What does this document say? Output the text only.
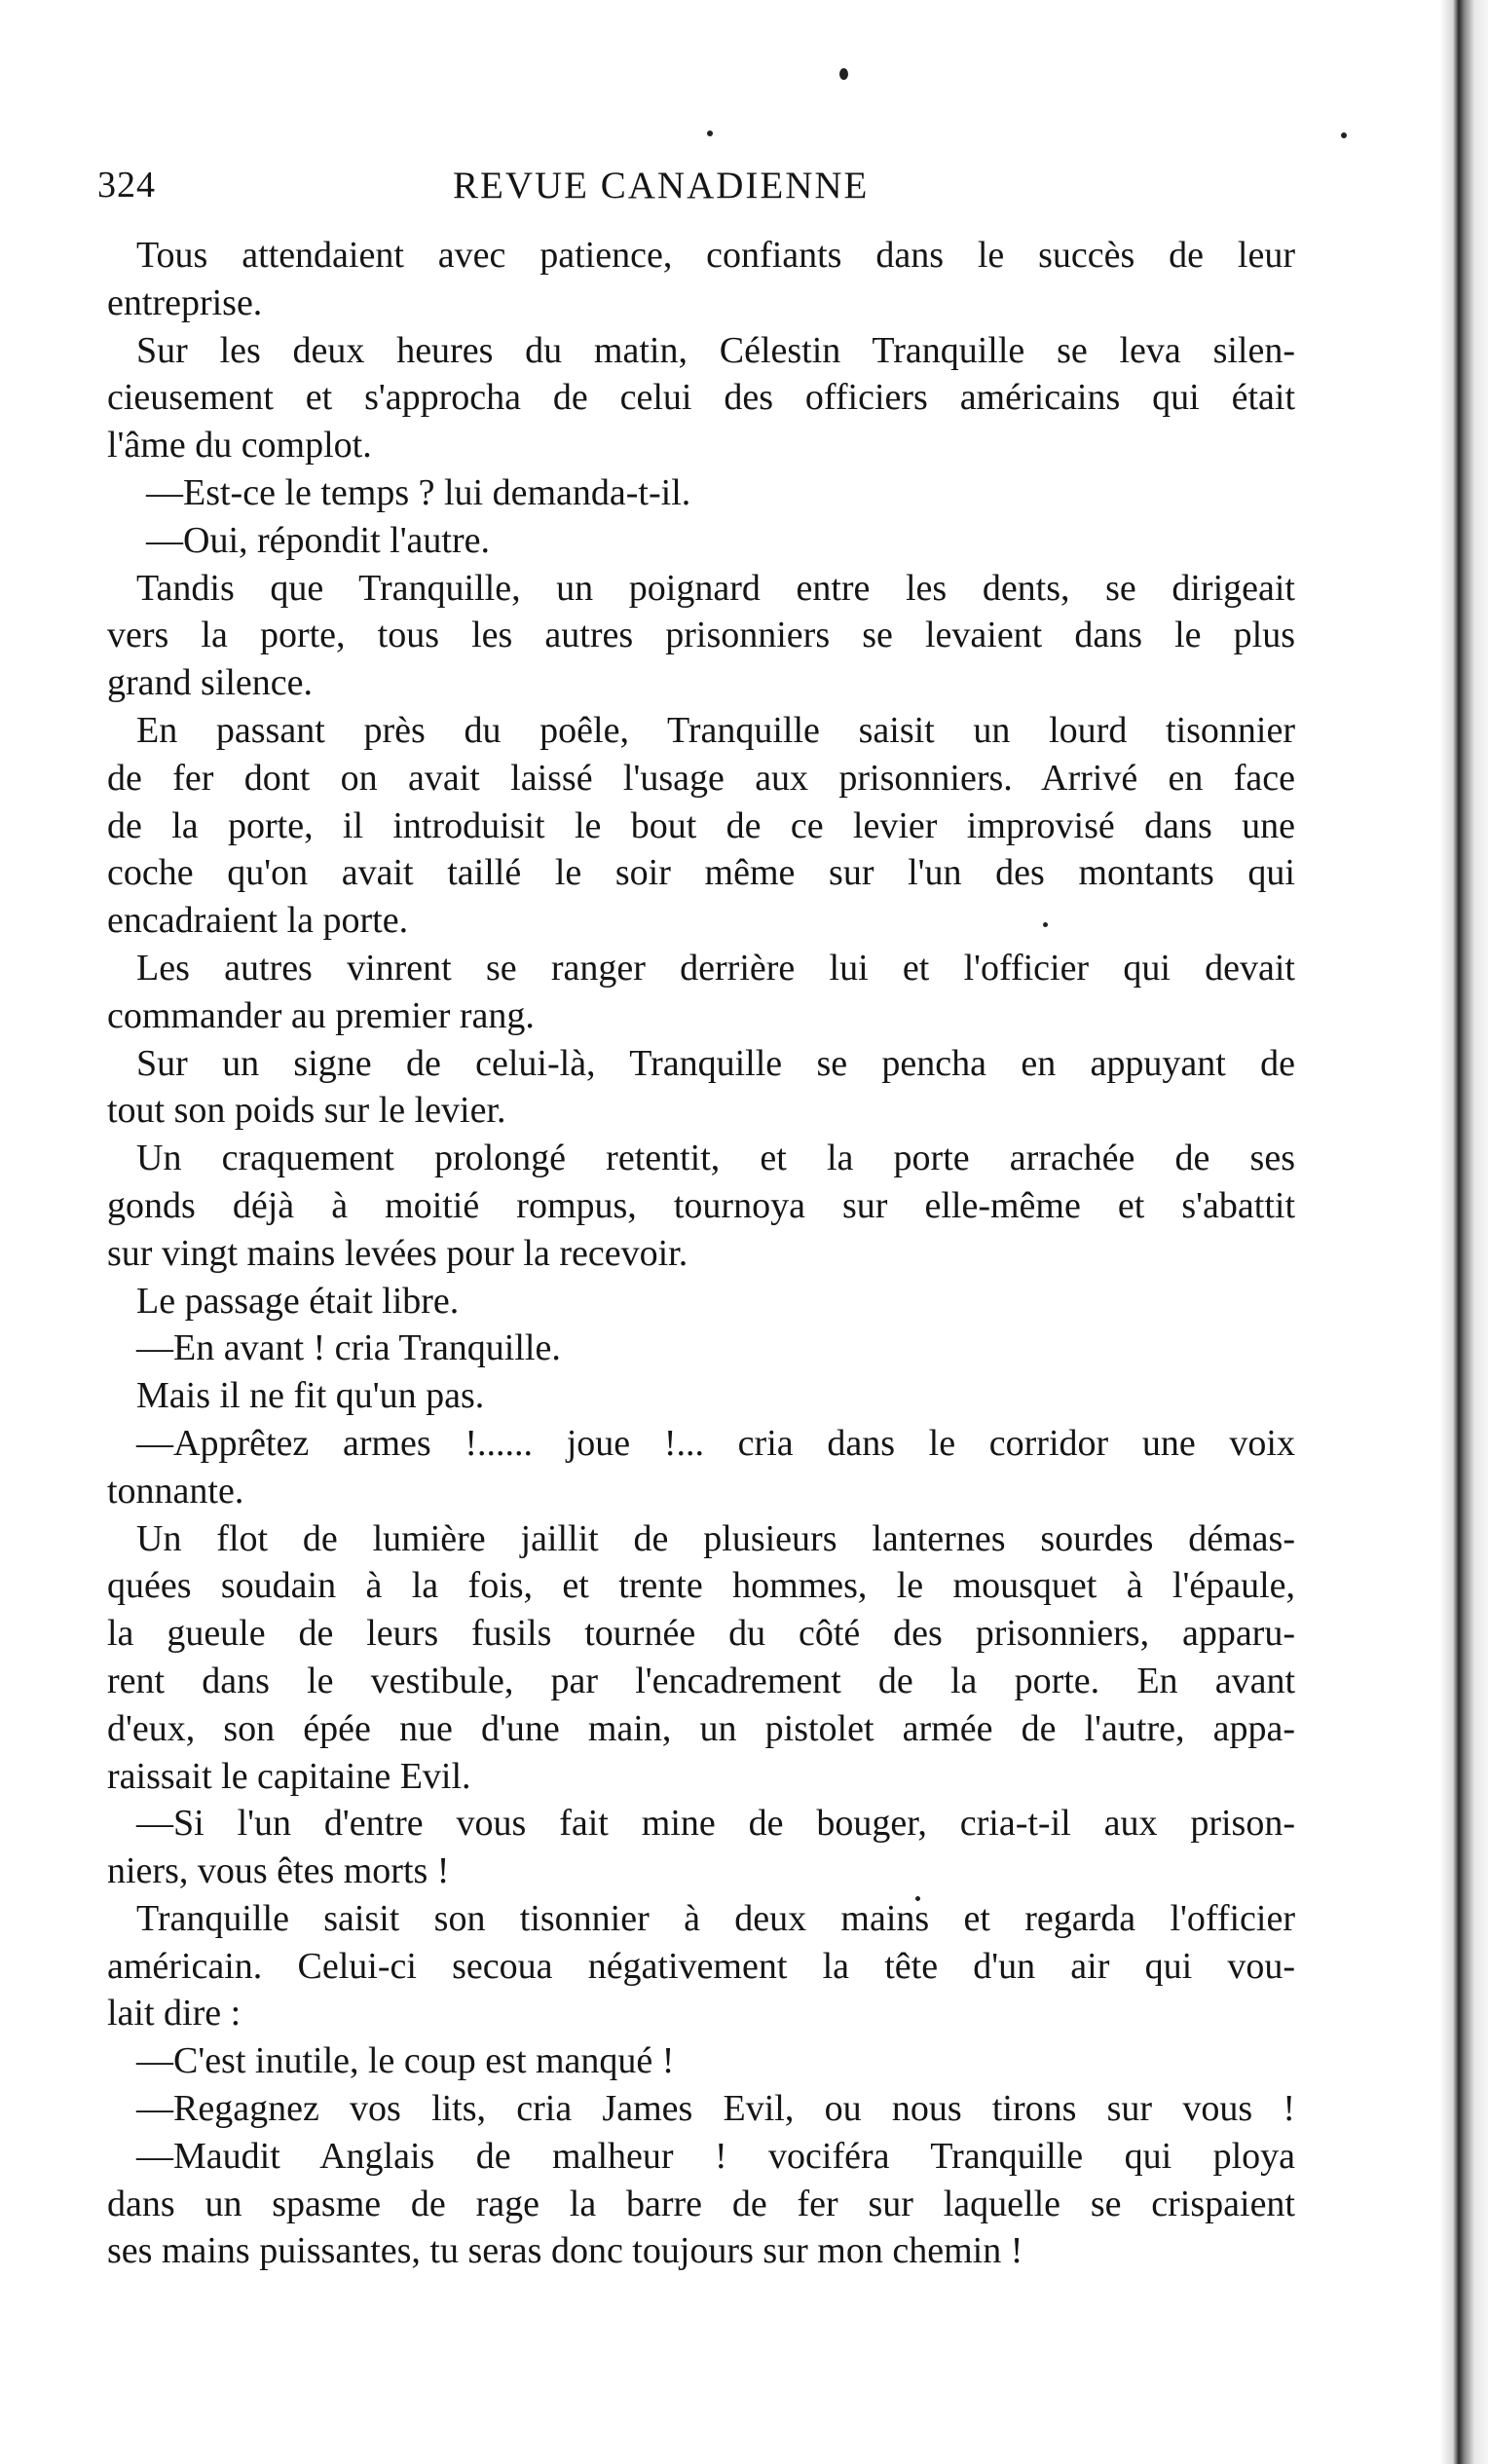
324	REVUE CANADIENNE
Tous attendaient avec patience, confiants dans le succès de leur
entreprise.
Sur les deux heures du matin, Célestin Tranquille se leva silen-
cieusement et s'approcha de celui des officiers américains qui était
l'âme du complot.
—Est-ce le temps ? lui demanda-t-il.
—Oui, répondit l'autre.
Tandis que Tranquille, un poignard entre les dents, se dirigeait
vers la porte, tous les autres prisonniers se levaient dans le plus
grand silence.
En passant près du poêle, Tranquille saisit un lourd tisonnier
de fer dont on avait laissé l'usage aux prisonniers. Arrivé en face
de la porte, il introduisit le bout de ce levier improvisé dans une
coche qu'on avait taillé le soir même sur l'un des montants qui
encadraient la porte.
Les autres vinrent se ranger derrière lui et l'officier qui devait
commander au premier rang.
Sur un signe de celui-là, Tranquille se pencha en appuyant de
tout son poids sur le levier.
Un craquement prolongé retentit, et la porte arrachée de ses
gonds déjà à moitié rompus, tournoya sur elle-même et s'abattit
sur vingt mains levées pour la recevoir.
Le passage était libre.
—En avant ! cria Tranquille.
Mais il ne fit qu'un pas.
—Apprêtez armes !...... joue !... cria dans le corridor une voix
tonnante.
Un flot de lumière jaillit de plusieurs lanternes sourdes démas-
quées soudain à la fois, et trente hommes, le mousquet à l'épaule,
la gueule de leurs fusils tournée du côté des prisonniers, apparu-
rent dans le vestibule, par l'encadrement de la porte. En avant
d'eux, son épée nue d'une main, un pistolet armée de l'autre, appa-
raissait le capitaine Evil.
—Si l'un d'entre vous fait mine de bouger, cria-t-il aux prison-
niers, vous êtes morts !
Tranquille saisit son tisonnier à deux mains et regarda l'officier
américain. Celui-ci secoua négativement la tête d'un air qui vou-
lait dire :
—C'est inutile, le coup est manqué !
—Regagnez vos lits, cria James Evil, ou nous tirons sur vous !
—Maudit Anglais de malheur ! vociféra Tranquille qui ploya
dans un spasme de rage la barre de fer sur laquelle se crispaient
ses mains puissantes, tu seras donc toujours sur mon chemin !
